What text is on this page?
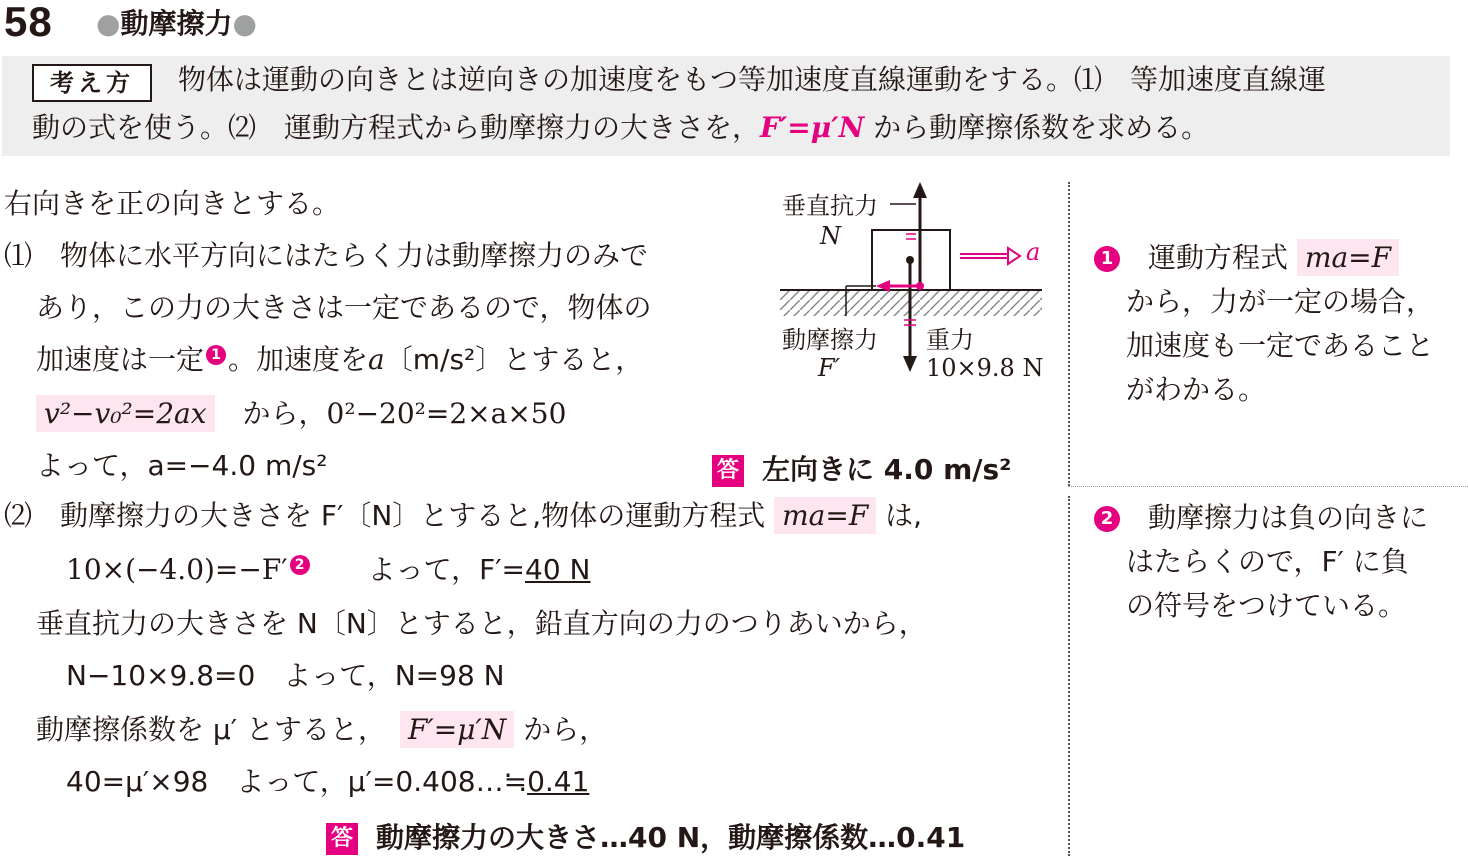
58 ●動摩擦力●
考え方	物体は運動の向きとは逆向きの加速度をもつ等加速度直線運動をする。⑴　等加速度直線運
動の式を使う。⑵　運動方程式から動摩擦力の大きさを，F′=μ′N から動摩擦係数を求める。
右向きを正の向きとする。
⑴　物体に水平方向にはたらく力は動摩擦力のみで
あり，この力の大きさは一定であるので，物体の
加速度は一定 1 。加速度をa〔m/s²〕とすると，
v²−v₀²=2ax　 から，0²−20²=2×a×50
よって，a=−4.0 m/s²	答 左向きに 4.0 m/s²
垂直抗力
N
a
動摩擦力
F′
重力
10×9.8 N
⑵　動摩擦力の大きさを F′〔N〕とすると,物体の運動方程式 ma=F は,
10×(−4.0)=−F′ 2　　 よって，F′=40 N
垂直抗力の大きさを N〔N〕とすると，鉛直方向の力のつりあいから，
N−10×9.8=0　よって，N=98 N
動摩擦係数を μ′ とすると，　 F′=μ′N から，
40=μ′×98　よって，μ′=0.408…≒0.41
答 動摩擦力の大きさ…40 N，動摩擦係数…0.41
1　 運動方程式 ma=F
から，力が一定の場合，
加速度も一定であること
がわかる。
2　 動摩擦力は負の向きに
はたらくので，F′ に負
の符号をつけている。
